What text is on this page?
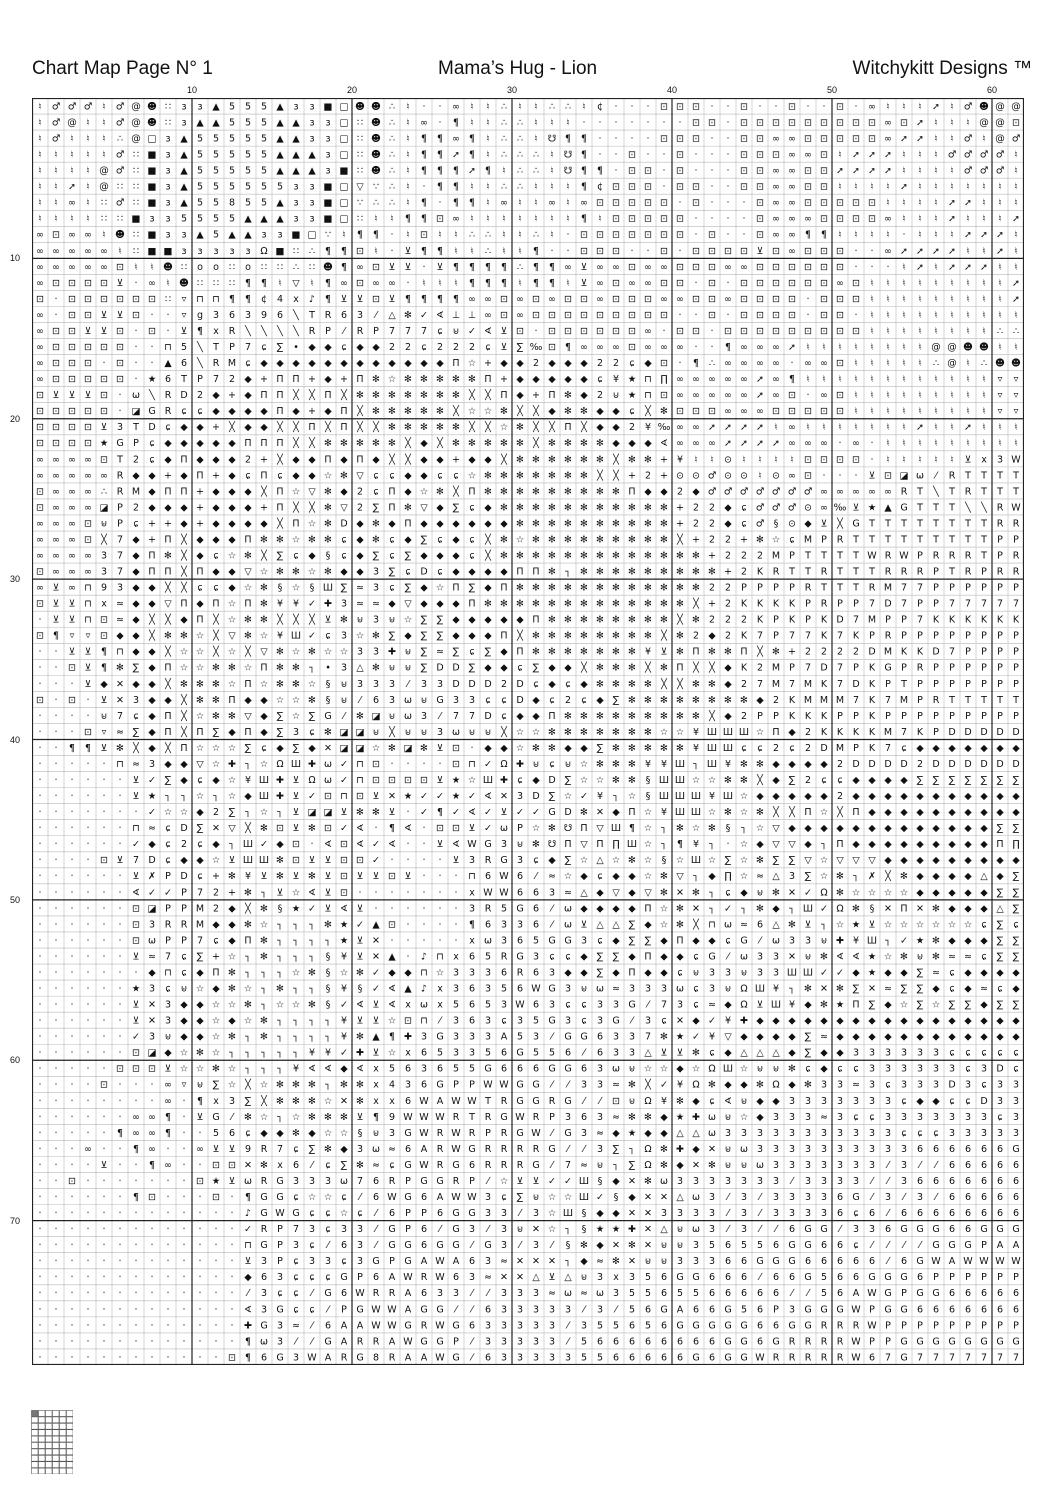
Chart Map Page N° 1	Mama’s Hug - Lion	Witchykitt Designs ™
10	20	30	40	50	60
10
20
30
40
50
60
70
♮ ♂ ♂ ♂ ♮ ♂ @ ☻ ∷ ɜ ɜ ▲ 5 5 5 ▲ ɜ ɜ ■ □ ☻ ☻ ∴ ♮ · · ∞ ♮ ♮ ∴ ♮ ♮ ∴ ∴ ♮ ¢ · · · ⊡ ⊡ ⊡ · · ⊡ · · ⊡ · · ⊡ · ∞ ♮ ♮ ♮ ➚ ♮ ♂ ☻ @ @
♮ ♂ @ ♮ ♮ ♂ @ ☻ ∷ ɜ ▲ ▲ 5 5 5 ▲ ▲ ɜ ɜ □ ∷ ☻ ∴ ♮ ∞ · ¶ ♮ ♮ ∴ ∴ ♮ ♮ ♮ · · · · · · · ⊡ ⊡ · ⊡ ⊡ ⊡ ⊡ ⊡ ⊡ ⊡ ⊡ ⊡ ∞ ⊡ ➚ ♮ ♮ ♮ @ @ ⊡
♮ ♂ ♮ ♮ ♮ ∴ @ □ ɜ ▲ 5 5 5 5 5 ▲ ▲ ɜ ɜ □ ∷ ☻ ∴ ♮ ¶ ¶ ∞ ¶ ♮ ∴ ∴ ♮ ☋ ¶ ¶ · · · · ⊡ ⊡ ⊡ · · ⊡ ⊡ ∞ ∞ ⊡ ⊡ ⊡ ⊡ ⊡ ∞ ➚ ➚ ♮ ♮ ♂ ♮ @ ♂
♮ ♮ ♮ ♮ ♮ ♂ ∷ ■ ɜ ▲ 5 5 5 5 5 ▲ ▲ ▲ ɜ □ ∷ ☻ ∴ ♮ ¶ ¶ ➚ ¶ ♮ ∴ ∴ ∴ ♮ ☋ ¶ · · ⊡ · · ⊡ · · · ⊡ ⊡ ⊡ ∞ ∞ ⊡ ♮ ➚ ➚ ➚ ♮ ♮ ♮ ♂ ♂ ♂ ♂ ♮
♮ ♮ ♮ ♮ @ ♂ ∷ ■ ɜ ▲ 5 5 5 5 5 ▲ ▲ ▲ ɜ ■ ∷ ☻ ∴ ♮ ¶ ¶ ¶ ➚ ¶ ♮ ∴ ∴ ♮ ☋ ¶ ¶ · ⊡ ⊡ · ⊡ · · · ⊡ ⊡ ∞ ∞ ⊡ ⊡ ➚ ➚ ➚ ➚ ♮ ♮ ♮ ♮ ♂ ♂ ♂ ♮
♮ ♮ ➚ ♮ @ ∷ ∷ ■ ɜ ▲ 5 5 5 5 5 5 ɜ ɜ ■ □ ▽ ∵ ∴ ♮ · ¶ ¶ ♮ ♮ ∴ ∴ ♮ ♮ ♮ ¶ ¢ ⊡ ⊡ ⊡ · ⊡ ⊡ · · ⊡ ⊡ ∞ ∞ ⊡ ⊡ ♮ ♮ ♮ ♮ ➚ ♮ ♮ ♮ ♮ ♮ ♮ ♮
♮ ♮ ∞ ♮ ∷ ♂ ∷ ■ ɜ ▲ 5 5 8 5 5 ▲ ɜ ɜ ■ □ ∵ ∴ ∴ ♮ ¶ · ¶ ¶ ♮ ∞ ♮ ♮ ∞ ♮ ∞ ⊡ ⊡ ⊡ ⊡ ⊡ · ⊡ · · · ⊡ ∞ ∞ ⊡ ⊡ ⊡ ⊡ ⊡ ♮ ♮ ♮ ♮ ➚ ➚ ♮ ♮ ♮
♮ ♮ ♮ ♮ ∷ ∷ ■ ɜ ɜ 5 5 5 5 ▲ ▲ ▲ ɜ ɜ ■ □ ∷ ♮ ♮ ¶ ¶ ⊡ ∞ ♮ ♮ ♮ ♮ ♮ ♮ ♮ ¶ ♮ ⊡ ⊡ ⊡ ⊡ ⊡ · · · · ⊡ ∞ ∞ ∞ ⊡ ⊡ ⊡ ⊡ ∞ ♮ ♮ ♮ ➚ ♮ ♮ ♮ ➚
∞ ⊡ ∞ ∞ ♮ ☻ ∷ ■ ɜ ɜ ▲ 5 ▲ ▲ ɜ ɜ ■ □ ∵ ♮ ¶ ¶ · ♮ ⊡ ♮ ♮ ∴ ∴ ♮ ♮ ∴ ♮ · ⊡ ⊡ ⊡ ⊡ ⊡ ⊡ ⊡ · ⊡ · · ⊡ ∞ ∞ ¶ ¶ ♮ ♮ ♮ ♮ · ♮ ♮ ♮ ➚ ➚ ➚ ♮
∞ ∞ ∞ ∞ ∞ ♮ ∷ ■ ■ ɜ ɜ ɜ ɜ ɜ Ω ■ ∷ ∴ ¶ ¶ ⊡ ♮ · ⊻ ¶ ¶ ♮ ♮ ∴ ♮ ♮ ¶ · · ⊡ ⊡ ⊡ · · ⊡ · ⊡ ⊡ ⊡ ⊡ ⊻ ⊡ ∞ ⊡ ⊡ ⊡ · · ∞ ➚ ➚ ➚ ➚ ♮ ♮ ➚ ♮
∞ ∞ ∞ ∞ ∞ ⊡ ♮ ♮ ☻ ∷ o o ∷ o ∷ ∷ ∴ ∷ ☻ ¶ ∞ ⊡ ⊻ ⊻ · ⊻ ¶ ¶ ¶ ¶ ∴ ¶ ¶ ∞ ⊻ ∞ ∞ ⊡ ∞ ∞ ⊡ ⊡ ⊡ ∞ ∞ ⊡ ⊡ ⊡ ⊡ ⊡ ⊡ · · · ♮ ➚ ♮ ➚ ➚ ➚ ♮ ♮
∞ ⊡ ⊡ ⊡ ⊡ ⊻ · ∞ ♮ ☻ ∷ ∷ ∷ ¶ ¶ ♮ ▽ ♮ ¶ ∞ ⊡ ∞ ∞ · ♮ ♮ ♮ ¶ ¶ ¶ ♮ ¶ ¶ ♮ ⊻ ∞ ⊡ ∞ ∞ ⊡ ⊡ · ⊡ · ⊡ ⊡ ⊡ ⊡ ⊡ ⊡ ∞ ⊡ ♮ ♮ ♮ ♮ ♮ ♮ ♮ ♮ ♮ ➚
⊡ · ⊡ ⊡ ⊡ ⊡ ⊡ ⊡ ∷ ▿ ⊓ ⊓ ¶ ¶ ¢ 4 x ♪ ¶ ⊻ ⊻ ⊡ ⊻ ¶ ¶ ¶ ¶ ∞ ∞ ⊡ ∞ ⊡ ∞ ⊡ ⊡ ∞ ⊡ ⊡ ⊡ ∞ ∞ ⊡ ⊡ ∞ ⊡ ⊡ ⊡ ⊡ · ⊡ ⊡ ⊡ ♮ ♮ ♮ ♮ ♮ ♮ ♮ ♮ ♮ ➚
∞ · ⊡ ⊡ ⊻ ⊻ ⊡ · · ▿ g 3 6 3 9 6 ╲ T R 6 3 ⁄ △ ✻ ✓ ∢ ⊥ ⊥ ∞ ⊡ ∞ ⊡ ⊡ ⊡ ⊡ ⊡ ⊡ ⊡ ⊡ ⊡ · · ⊡ · ⊡ ⊡ ⊡ ⊡ · ⊡ ⊡ · ♮ ♮ ♮ ♮ ♮ ♮ ♮ ♮ ♮ ♮
∞ ⊡ ⊡ ⊻ ⊻ ⊡ · ⊡ · ⊻ ¶ x R ╲ ╲ ╲ ╲ R P ⁄ R P 7 7 7 ɕ ⊎ ✓ ∢ ⊻ ⊡ · ⊡ ⊡ ⊡ ⊡ ⊡ ⊡ ∞ · ⊡ ⊡ · ⊡ ⊡ ⊡ ⊡ ⊡ ⊡ ⊡ ⊡ ⊡ ♮ ♮ ♮ ♮ ♮ ♮ ♮ ♮ ∴ ∴
∞ ⊡ ⊡ ⊡ ⊡ ⊡ · · ⊓ 5 ╲ T P 7 ɕ ∑ • ◆ ◆ ɕ ◆ ◆ 2 2 ɕ 2 2 2 ɕ ⊻ ∑ ‰ ⊡ ¶ ∞ ∞ ∞ ⊡ ∞ ∞ ∞ · · ¶ ∞ ∞ ∞ ➚ ♮ ♮ ♮ ♮ ♮ ♮ ♮ ♮ @ @ ☻ ☻ ♮ ♮
∞ ⊡ ⊡ ⊡ · ⊡ · · ▲ 6 ╲ R M ɕ ◆ ◆ ◆ ◆ ◆ ◆ ◆ ◆ ◆ ◆ ◆ ◆ Π ☆ + ◆ ◆ 2 ◆ ◆ ◆ 2 2 ɕ ◆ ⊡ · ¶ ∴ ∞ ∞ ∞ ∞ · ∞ ∞ ⊡ ♮ ♮ ♮ ♮ ♮ ∴ @ ♮ ∴ ☻ ☻
∞ ⊡ ⊡ ⊡ ⊡ ⊡ · ★ 6 T P 7 2 ◆ + Π Π + ◆ + Π ✻ ☆ ✻ ✻ ✻ ✻ ✻ Π + ◆ ◆ ◆ ◆ ◆ ɕ ¥ ★ ⊓ ∏ ∞ ∞ ∞ ∞ ∞ ➚ ∞ ¶ ♮ ♮ ♮ ♮ ♮ ♮ ♮ ♮ ♮ ♮ ♮ ♮ ▿ ▿
⊡ ⊻ ⊻ ⊻ ⊡ · ω ╲ R D 2 ◆ + ◆ Π Π ╳ ╳ Π ╳ ✻ ✻ ✻ ✻ ✻ ✻ ✻ ╳ ╳ Π ◆ + Π ✻ ◆ 2 ⊍ ★ ⊓ ⊡ ∞ ∞ ∞ ∞ ∞ ➚ ∞ ⊡ · ∞ ⊡ ♮ ♮ ♮ ♮ ♮ ♮ ♮ ♮ ♮ ▿ ▿
⊡ ⊡ ⊡ ⊡ ⊡ · ◪ G R ɕ ɕ ◆ ◆ ◆ ◆ Π ◆ + ◆ Π ╳ ✻ ✻ ✻ ✻ ✻ ╳ ☆ ☆ ✻ ╳ ╳ ◆ ✻ ✻ ◆ ◆ ɕ ╳ ✻ ⊡ ⊡ ⊡ ∞ ∞ ∞ ⊡ ⊡ ⊡ ⊡ ⊡ ♮ ♮ ♮ ♮ ♮ ♮ ♮ ♮ ♮ ▿ ▿
⊡ ⊡ ⊡ ⊡ ⊻ 3 T D ɕ ◆ ◆ + ╳ ◆ ◆ ╳ ╳ Π ╳ Π ╳ ╳ ✻ ✻ ✻ ✻ ✻ ╳ ╳ ☆ ✻ ╳ ╳ Π ╳ ◆ ◆ 2 ¥ ‰ ∞ ∞ ➚ ➚ ➚ ➚ ♮ ∞ ♮ ♮ ♮ ♮ ♮ ♮ ♮ ➚ ♮ ♮ ➚ ♮ ♮ ♮
⊡ ⊡ ⊡ ⊡ ★ G P ɕ ◆ ◆ ◆ ◆ ◆ Π Π Π ╳ ╳ ✻ ✻ ✻ ✻ ✻ ╳ ◆ ╳ ✻ ✻ ✻ ✻ ✻ ╳ ✻ ✻ ✻ ✻ ◆ ◆ ◆ ∢ ∞ ∞ ∞ ➚ ➚ ➚ ➚ ∞ ∞ ∞ · ∞ · ♮ ♮ ♮ ♮ ♮ ♮ ♮ ♮ ♮
∞ ∞ ∞ ∞ ⊡ T 2 ɕ ◆ Π ◆ ◆ ◆ 2 + ╳ ◆ ◆ Π ◆ Π ◆ ╳ ╳ ◆ ◆ + ◆ ◆ ╳ ✻ ✻ ✻ ✻ ✻ ✻ ╳ ✻ ✻ + ¥ ♮ ♮ ⊙ ♮ ♮ ♮ ♮ ⊡ ⊡ ⊡ ⊡ · ♮ ♮ ♮ ♮ ♮ ⊻ x 3 W
∞ ∞ ∞ ∞ ∞ R ◆ ◆ + ◆ Π + ◆ ɕ Π ɕ ◆ ◆ ☆ ✻ ▽ ɕ ɕ ◆ ◆ ɕ ɕ ☆ ✻ ✻ ✻ ✻ ✻ ✻ ✻ ╳ ╳ + 2 + ⊙ ⊙ ♂ ⊙ ⊙ ♮ ⊙ ∞ ⊡ · · · ⊻ ⊡ ◪ ω ⁄ R T T T T
⊡ ∞ ∞ ∞ ∴ R M ◆ Π Π + ◆ ◆ ◆ ╳ Π ☆ ▽ ✻ ◆ 2 ɕ Π ◆ ☆ ✻ ╳ Π ✻ ✻ ✻ ✻ ✻ ✻ ✻ ✻ ✻ Π ◆ ◆ 2 ◆ ♂ ♂ ♂ ♂ ♂ ♂ ♂ ∞ ∞ ∞ ∞ ∞ R T ╲ T R T T T
⊡ ∞ ∞ ∞ ◪ P 2 ◆ ◆ ◆ + ◆ ◆ ◆ + Π ╳ ╳ ✻ ▽ 2 ∑ Π ✻ ▽ ◆ ∑ ɕ ◆ ✻ ✻ ✻ ✻ ✻ ✻ ✻ ✻ ✻ ✻ ✻ + 2 2 ◆ ɕ ♂ ♂ ♂ ⊙ ∞ ‰ ⊻ ★ ▲ G T T T ╲ ╲ R W
∞ ∞ ∞ ⊡ ⊎ P ɕ + + ◆ + ◆ ◆ ◆ ◆ ╳ Π ☆ ✻ D ◆ ✻ ◆ Π ◆ ◆ ◆ ◆ ◆ ◆ ✻ ✻ ✻ ✻ ✻ ✻ ✻ ✻ ✻ ✻ + 2 2 ◆ ɕ ♂ § ⊙ ◆ ⊻ ╳ G T T T T T T T T R R
∞ ∞ ∞ ⊡ ╳ 7 ◆ + Π ╳ ◆ ◆ ◆ Π ✻ ✻ ☆ ✻ ✻ ɕ ◆ ✻ ɕ ◆ ∑ ɕ ◆ ɕ ╳ ✻ ☆ ✻ ✻ ✻ ✻ ✻ ✻ ✻ ✻ ✻ ╳ + 2 2 + ✻ ☆ ɕ M P R T T T T T T T T T P P
∞ ∞ ∞ ∞ 3 7 ◆ Π ✻ ╳ ◆ ɕ ☆ ✻ ╳ ∑ ɕ ◆ § ɕ ◆ ∑ ɕ ∑ ◆ ◆ ◆ ɕ ╳ ✻ ✻ ✻ ✻ ✻ ✻ ✻ ✻ ✻ ✻ ✻ ✻ ✻ + 2 2 2 M P T T T T W R W P R R R T P R
⊡ ∞ ∞ ∞ 3 7 ◆ Π Π ╳ Π ◆ ◆ ▽ ☆ ✻ ✻ ☆ ✻ ◆ ◆ 3 ∑ ɕ D ɕ ◆ ◆ ◆ ◆ Π Π ✻ ┐ ✻ ✻ ✻ ✻ ✻ ✻ ✻ ✻ ✻ + 2 K R T T R T T T R R R P T R P R R
∞ ⊻ ∞ ⊓ 9 3 ◆ ◆ ╳ ╳ ɕ ɕ ◆ ☆ ✻ § ☆ § Ш ∑ ≈ 3 ɕ ∑ ◆ ☆ Π ∑ ◆ Π ✻ ✻ ✻ ✻ ✻ ✻ ✻ ✻ ✻ ✻ ✻ ✻ 2 2 P P P P R T T T R M 7 7 P P P P P P
⊡ ⊻ ⊻ ⊓ x ≈ ◆ ◆ ▽ Π ◆ Π ☆ Π ✻ ¥ ¥ ✓ ✚ 3 ≈ ≈ ◆ ▽ ◆ ◆ ◆ Π ✻ ✻ ✻ ✻ ✻ ✻ ✻ ✻ ✻ ✻ ✻ ✻ ✻ ╳ + 2 K K K K P R P P 7 D 7 P P 7 7 7 7 7
· ⊻ ⊻ ⊓ ⊡ ≈ ◆ ╳ ╳ ◆ Π ╳ ☆ ✻ ✻ ╳ ╳ ╳ ⊻ ✻ ⊎ 3 ⊎ ☆ ∑ ∑ ◆ ◆ ◆ ◆ ◆ Π ✻ ✻ ✻ ✻ ✻ ✻ ✻ ✻ ╳ ✻ 2 2 2 K P K P K D 7 M P P 7 K K K K K K
⊡ ¶ ▿ ▿ ⊡ ◆ ◆ ╳ ✻ ✻ ☆ ╳ ▽ ✻ ☆ ¥ Ш ✓ ɕ 3 ☆ ✻ ∑ ◆ ∑ ∑ ◆ ◆ ◆ Π ╳ ✻ ✻ ✻ ✻ ✻ ✻ ✻ ✻ ╳ ✻ 2 ◆ 2 K 7 P 7 7 K 7 K P R P P P P P P P P
· · ⊻ ⊻ ¶ ⊓ ◆ ◆ ╳ ☆ ☆ ╳ ☆ ╳ ▽ ✻ ☆ ✻ ☆ ☆ 3 3 ✚ ⊎ ∑ ≈ ∑ ɕ ∑ ◆ Π ✻ ✻ ✻ ✻ ✻ ✻ ✻ ¥ ⊻ ✻ Π ✻ ✻ Π ╳ ✻ + 2 2 2 2 D M K K D 7 P P P P
· · ⊡ ⊻ ¶ ✻ ∑ ◆ Π ☆ ☆ ✻ ✻ ☆ Π ✻ ✻ ┐ • 3 △ ✻ ⊎ ⊎ ∑ D D ∑ ◆ ◆ ɕ ∑ ◆ ◆ ╳ ✻ ✻ ✻ ╳ ✻ Π ╳ ╳ ◆ K 2 M P 7 D 7 P K G P R P P P P P P
· · · ⊻ ◆ ✕ ◆ ◆ ╳ ✻ ✻ ✻ ☆ Π ☆ ✻ ✻ ☆ § ⊎ 3 3 3 ⁄ 3 3 D D D 2 D ɕ ◆ ɕ ◆ ✻ ✻ ✻ ✻ ╳ ╳ ✻ ✻ ◆ 2 7 M 7 M K 7 D K P T P P P P P P P
⊡ · ⊡ · ⊻ ✕ 3 ◆ ◆ ╳ ✻ ✻ Π ◆ ◆ ☆ ☆ ✻ § ⊎ ⁄ 6 3 ω ⊎ G 3 3 ɕ ɕ D ◆ ɕ 2 ɕ ◆ ∑ ✻ ✻ ✻ ✻ ✻ ✻ ✻ ✻ ◆ 2 K M M M 7 K 7 M P R T T T T T
· · · · ⊎ 7 ɕ ◆ Π ╳ ☆ ✻ ✻ ▽ ◆ ∑ ☆ ∑ G ⁄ ✻ ◪ ⊎ ω 3 ⁄ 7 7 D ɕ ◆ ◆ Π ✻ ✻ ✻ ✻ ✻ ✻ ✻ ✻ ✻ ╳ ◆ 2 P P K K K P P K P P P P P P P P P
· · · ⊡ ▿ ≈ ∑ ◆ Π ╳ Π ∑ ◆ Π ◆ ∑ 3 ɕ ✻ ◪ ◪ ⊎ ╳ ⊎ ⊎ 3 ω ⊎ ⊎ ╳ ☆ ☆ ✻ ✻ ✻ ✻ ✻ ✻ ✻ ☆ ☆ ¥ Ш Ш Ш ☆ Π ◆ 2 K K K K M 7 K P D D D D D
· · ¶ ¶ ⊻ ✻ ╳ ◆ ╳ Π ☆ ☆ ☆ ∑ ɕ ◆ ∑ ◆ ✕ ◪ ◪ ☆ ✻ ◪ ✻ ⊻ ⊡ · ◆ ◆ ☆ ✻ ✻ ◆ ◆ ∑ ✻ ✻ ✻ ✻ ✻ ¥ Ш Ш ɕ ɕ 2 ɕ 2 D M P K 7 ɕ ◆ ◆ ◆ ◆ ◆ ◆ ◆
· · · · · ⊓ ≈ 3 ◆ ◆ ▽ ☆ ✚ ┐ ☆ Ω Ш ✚ ω ✓ ⊓ ⊡ · · · · ⊡ ⊓ ✓ Ω ✚ ⊎ ɕ ⊎ ☆ ✻ ✻ ✻ ¥ ¥ Ш ┐ Ш ¥ ✻ ✻ ◆ ◆ ◆ ◆ 2 D D D D 2 D D D D D D
· · · · · · ⊻ ✓ ∑ ◆ ɕ ◆ ☆ ¥ Ш ✚ ⊻ Ω ω ✓ ⊓ ⊡ ⊡ ⊡ ⊡ ⊻ ★ ☆ Ш ✚ ɕ ◆ D ∑ ☆ ☆ ✻ ✻ § Ш Ш ☆ ☆ ✻ ✻ ╳ ◆ ∑ 2 ɕ ɕ ◆ ◆ ◆ ◆ ∑ ∑ ∑ ∑ ∑ ∑ ∑
· · · · · · ⊻ ★ ┐ ┐ ☆ ┐ ☆ ◆ Ш ✚ ⊻ ✓ ⊡ ⊓ ⊡ ⊻ ✕ ★ ✓ ✓ ★ ✓ ∢ ✕ 3 D ∑ ☆ ✓ ¥ ┐ ☆ § Ш Ш Ш ¥ Ш ☆ ◆ ◆ ◆ ◆ ◆ 2 ◆ ◆ ◆ ◆ ◆ ◆ ◆ ◆ ◆ ◆ ◆
· · · · · · · ✓ ☆ ☆ ◆ 2 ∑ ┐ ☆ ┐ ⊻ ◪ ◪ ⊻ ✻ ✻ ⊻ · ✓ ¶ ✓ ∢ ✓ ⊻ ✓ ✓ G D ✻ ✕ ◆ Π ☆ ¥ Ш Ш ☆ ✻ ☆ ✻ ╳ ╳ Π ☆ ╳ Π ◆ ◆ ◆ ◆ ◆ ◆ ◆ ◆ ◆ ◆
· · · · · · ⊓ ≈ ɕ D ∑ ✕ ▽ ╳ ✻ ⊡ ⊻ ✻ ⊡ ✓ ∢ · ¶ ∢ · ⊡ ⊡ ⊻ ✓ ω P ☆ ✻ ☋ Π ▽ Ш ¶ ☆ ┐ ✻ ☆ ✻ § ┐ ☆ ▽ ◆ ◆ ◆ ◆ ◆ ◆ ◆ ◆ ◆ ◆ ◆ ◆ ◆ ∑ ∑
· · · · · · ✓ ◆ ɕ 2 ɕ ◆ ┐ Ш ✓ ◆ ⊡ · ∢ ⊡ ∢ ✓ ∢ · · ⊻ ∢ W G 3 ⊎ ✻ ☋ Π ▽ Π ∏ Ш ☆ ┐ ¶ ¥ ┐ · ☆ ◆ ▽ ▽ ◆ ┐ Π ◆ ◆ ◆ ◆ ◆ ◆ ◆ ◆ ◆ Π ∏
· · · · ⊡ ⊻ 7 D ɕ ◆ ◆ ☆ ⊻ Ш Ш ✻ ⊡ ⊻ ⊻ ⊡ ⊡ ✓ · · · · ⊻ 3 R G 3 ɕ ◆ ∑ ☆ △ ☆ ✻ ☆ § ☆ Ш ☆ ∑ ☆ ✻ ∑ ∑ ▽ ☆ ▽ ▽ ▽ ◆ ◆ ◆ ◆ ◆ ◆ ◆ ◆ ◆
· · · · · · ⊻ ✗ P D ɕ + ✻ ¥ ⊻ ✻ ⊻ ✻ ⊻ ⊡ ⊻ ⊻ ⊡ ⊻ · · · ⊓ 6 W 6 ⁄ ≈ ☆ ◆ ɕ ◆ ◆ ☆ ✻ ▽ ┐ ◆ ∏ ☆ ≈ △ 3 ∑ ☆ ✻ ┐ ✗ ╳ ✻ ◆ ◆ ◆ ◆ △ ◆ ∑
· · · · · · ∢ ✓ ✓ P 7 2 + ✻ ┐ ⊻ ☆ ∢ ⊻ ⊡ · · · · · · · x W W 6 6 3 ≈ △ ◆ ▽ ◆ ▽ ✻ ✕ ✻ ┐ ɕ ◆ ⊎ ✻ ✕ ✓ Ω ✻ ☆ ☆ ☆ ☆ ◆ ◆ ◆ ◆ ◆ ∑ ∑
· · · · · · ⊡ ◪ P P M 2 ◆ ╳ ✻ § ★ ✓ ⊻ ∢ ⊻ · · · · · · 3 R 5 G 6 ⁄ ω ◆ ◆ ◆ ◆ Π ☆ ✻ ✕ ┐ ✓ ┐ ✻ ◆ ┐ Ш ✓ Ω ✻ § ✕ Π ✕ ✻ ◆ ◆ ◆ △ ∑
· · · · · · ⊡ 3 R R M ◆ ◆ ✻ ☆ ┐ ┐ ┐ ✻ ★ ✓ ▲ ⊡ · · · · ¶ 6 3 3 6 ⁄ ω ⊻ △ △ ∑ ◆ ☆ ✻ ╳ ⊓ ω ≈ 6 △ ✻ ⊻ ┐ ☆ ★ ⊻ ☆ ☆ ☆ ☆ ☆ ☆ ɕ ∑ ɕ
· · · · · · ⊡ ω P P 7 ɕ ◆ Π ✻ ┐ ┐ ┐ ┐ ★ ⊻ ✕ · · · · · x ω 3 6 5 G G 3 ɕ ◆ ∑ ∑ ◆ Π ◆ ◆ ɕ G ⁄ ω 3 3 ⊎ ✚ ¥ Ш ┐ ✓ ★ ✻ ◆ ◆ ◆ ∑ ∑
· · · · · · ⊻ ≈ 7 ɕ ∑ + ☆ ┐ ✻ ┐ ┐ ┐ § ¥ ⊻ ✕ ▲ · ♪ ⊓ x 6 5 R G 3 ɕ ɕ ◆ ∑ ∑ ◆ Π ◆ ◆ ɕ G ⁄ ω 3 3 ✕ ⊎ ✻ ∢ ∢ ★ ☆ ✻ ⊎ ✻ ≈ ≈ ɕ ∑ ∑
· · · · · · · ◆ ⊓ ɕ ◆ Π ✻ ┐ ┐ ┐ ☆ ✻ § ☆ ✻ ✓ ◆ ◆ ⊓ ☆ 3 3 3 6 R 6 3 ◆ ◆ ∑ ◆ Π ◆ ◆ ɕ ⊎ 3 3 ⊎ 3 3 Ш Ш ✓ ✓ ◆ ★ ◆ ◆ ∑ ≈ ɕ ◆ ◆ ◆ ◆
· · · · · · ★ 3 ɕ ⊎ ☆ ◆ ✻ ☆ ┐ ✻ ┐ ┐ § ¥ § ✓ ∢ ▲ ♪ x 3 6 3 5 6 W G 3 ⊎ ω ≈ 3 3 3 ω ɕ 3 ⊎ Ω Ш ¥ ┐ ✻ ✕ ✻ ∑ ✕ ≈ ∑ ∑ ◆ ɕ ◆ ≈ ɕ ◆
· · · · · · ⊻ ✕ 3 ◆ ◆ ☆ ☆ ✻ ┐ ☆ ☆ ✻ § ✓ ∢ ⊻ ∢ x ω x 5 6 5 3 W 6 3 ɕ ɕ 3 3 G ⁄ 7 3 ɕ ≈ ◆ Ω ⊻ Ш ¥ ◆ ✻ ★ Π ∑ ◆ ☆ ∑ ☆ ∑ ∑ ◆ ∑ ∑
· · · · · · ⊻ ✕ 3 ◆ ◆ ☆ ◆ ☆ ✻ ┐ ┐ ┐ ┐ ¥ ⊻ ⊻ ☆ ⊡ ⊓ ⁄ 3 6 3 ɕ 3 5 G 3 ɕ 3 G ⁄ 3 ɕ ✕ ◆ ✓ ¥ ✚ ◆ ◆ ◆ ◆ ◆ ◆ ◆ ◆ ◆ ◆ ◆ ◆ ◆ ◆ ◆ ◆ ◆
· · · · · · ✓ 3 ⊎ ◆ ◆ ☆ ✻ ┐ ✻ ┐ ┐ ┐ ┐ ¥ ✻ ▲ ¶ ✚ 3 G 3 3 3 A 5 3 ⁄ G G 6 3 3 7 ✻ ★ ✓ ¥ ▽ ◆ ◆ ◆ ◆ ∑ ≈ ◆ ◆ ◆ ◆ ◆ ◆ ◆ ◆ ◆ ◆ ◆ ◆
· · · · · · ⊡ ◪ ◆ ☆ ✻ ☆ ┐ ┐ ┐ ┐ ┐ ¥ ¥ ✓ ✚ ⊻ ☆ x 6 5 3 3 5 6 G 5 5 6 ⁄ 6 3 3 △ ⊻ ⊻ ✻ ɕ ◆ △ △ △ ◆ ∑ ◆ ◆ 3 3 3 3 3 3 ɕ ɕ ɕ ɕ ɕ
· · · · · ⊡ ⊡ ⊡ ⊻ ☆ ☆ ✻ ☆ ┐ ┐ ┐ ¥ ∢ ∢ ◆ ∢ x 5 6 3 6 5 5 G 6 6 6 G G 6 3 ω ⊎ ☆ ☆ ◆ ☆ Ω Ш ☆ ⊎ ⊎ ✻ ɕ ◆ ɕ ɕ 3 3 3 3 3 3 ɕ 3 D ɕ
· · · · ⊡ · · · ∞ ▿ ⊎ ∑ ☆ ╳ ☆ ✻ ✻ ✻ ┐ ✻ ✻ x 4 3 6 G P P W W G G ⁄ ⁄ 3 3 ≈ ✻ ╳ ✓ ¥ Ω ✻ ◆ ◆ ✻ Ω ◆ ✻ 3 3 ≈ 3 ɕ 3 3 3 D 3 ɕ 3 3
· · · · · · · · ∞ · ¶ x 3 ∑ ╳ ✻ ✻ ✻ ☆ ✕ ✻ x x 6 W A W W T R G G R G ⁄ ⁄ ⊡ ⊎ Ω ¥ ✻ ◆ ɕ ∢ ⊎ ◆ ◆ 3 3 3 3 3 3 3 ɕ ◆ ◆ ɕ ɕ D 3 3
· · · · · · ∞ ∞ ¶ · ⊻ G ⁄ ✻ ☆ ┐ ☆ ✻ ✻ ✻ ⊻ ¶ 9 W W W R T R G W R P 3 6 3 ≈ ✻ ✻ ◆ ★ ✚ ω ⊎ ☆ ◆ 3 3 3 ≈ 3 ɕ ɕ 3 3 3 3 3 3 3 ɕ 3
· · · · · ¶ ∞ ∞ ¶ · · 5 6 ɕ ◆ ◆ ✻ ◆ ☆ ☆ § ⊎ 3 G W R W R P R G W ⁄ G 3 ≈ ◆ ★ ◆ ◆ △ △ ω 3 3 3 3 3 3 3 3 3 3 3 ɕ ɕ ɕ 3 3 3 3 3
· · · ∞ · · ¶ ∞ · · ∞ ⊻ ⊻ 9 R 7 ɕ ∑ ✻ ◆ 3 ω ≈ 6 A R W G R R R R G ⁄ ⁄ 3 ∑ ┐ Ω ✻ ✚ ◆ ✕ ⊎ ω 3 3 3 3 3 3 3 3 3 3 6 6 6 6 6 6 G
· · · · ⊻ · · ¶ ∞ · · ⊡ ⊡ ✕ ✻ x 6 ⁄ ɕ ∑ ✻ ≈ ɕ G W R G 6 R R R G ⁄ 7 ≈ ⊎ ┐ ∑ Ω ✻ ◆ ✕ ✻ ⊎ ⊎ ω 3 3 3 3 3 3 3 ⁄ 3 ⁄ ⁄ 6 6 6 6 6
· · ⊡ · · · · · · · ⊡ ★ ⊻ ω R G 3 3 3 ω 7 6 R P G G R P ⁄ ☆ ⊻ ⊻ ✓ ✓ Ш § ◆ ✕ ✻ ω 3 3 3 3 3 3 3 ⁄ 3 3 3 3 ⁄ ⁄ 3 6 6 6 6 6 6 6
· · · · · · ¶ ⊡ · · · ⊡ · ¶ G G ɕ ☆ ☆ ɕ ⁄ 6 W G 6 A W W 3 ɕ ∑ ⊎ ☆ ☆ Ш ✓ § ◆ ✕ ✕ △ ω 3 ⁄ 3 ⁄ 3 3 3 3 6 G ⁄ 3 ⁄ 3 ⁄ 6 6 6 6 6
· · · · · · · · · · · · · ♪ G W G ɕ ɕ ☆ ɕ ⁄ 6 P P 6 G G 3 3 ⁄ 3 ☆ Ш § ◆ ◆ ✕ ✕ 3 3 3 3 ⁄ 3 ⁄ 3 3 3 3 6 ɕ 6 ⁄ 6 6 6 6 6 6 6 6
· · · · · · · · · · · · · ✓ R P 7 3 ɕ 3 3 ⁄ G P 6 ⁄ G 3 ⁄ 3 ⊎ ✕ ☆ ┐ § ★ ★ ✚ ✕ △ ⊎ ω 3 ⁄ 3 ⁄ ⁄ 6 G G ⁄ 3 3 6 G G G 6 6 G G G
· · · · · · · · · · · · · ⊓ G P 3 ɕ ⁄ 6 3 ⁄ G G 6 G G ⁄ G 3 ⁄ 3 ⁄ § ✻ ◆ ✕ ✻ ✕ ⊎ ⊎ 3 5 6 5 5 6 G G 6 6 ɕ ⁄ ⁄ ⁄ ⁄ G G G P A A
· · · · · · · · · · · · · ⊻ 3 P ɕ 3 3 ɕ 3 G P G A W A 6 3 ≈ ✕ ✕ ✕ ┐ ◆ ≈ ✻ ✕ ⊎ ⊎ 3 3 3 6 6 G G G 6 6 6 6 6 ⁄ 6 G W A W W W W
· · · · · · · · · · · · · ◆ 6 3 ɕ ɕ ɕ G P 6 A W R W 6 3 ≈ ✕ ✕ △ ⊻ △ ⊎ 3 x 3 5 6 G G 6 6 6 ⁄ 6 6 G 5 6 6 G G G 6 P P P P P P
· · · · · · · · · · · · · ⁄ 3 ɕ ɕ ⁄ G 6 W R R A 6 3 3 ⁄ ⁄ 3 3 3 ≈ ω ≈ ω 3 5 5 6 5 5 6 6 6 6 6 ⁄ ⁄ 5 6 A W G P G G 6 6 6 6 6
· · · · · · · · · · · · · ∢ 3 G ɕ ɕ ⁄ P G W W A G G ⁄ ⁄ 6 3 3 3 3 3 ⁄ 3 ⁄ 5 6 G A 6 6 G 5 6 P 3 G G G W P G G 6 6 6 6 6 6 6
· · · · · · · · · · · · · ✚ G 3 ≈ ⁄ 6 A A W W G R W G 6 3 3 3 3 3 ⁄ 3 5 5 6 5 6 G G G G G 6 6 G G R R R W P P P P P P P P P
· · · · · · · · · · · · · ¶ ω 3 ⁄ ⁄ G A R R A W G G P ⁄ 3 3 3 3 3 ⁄ 5 6 6 6 6 6 6 6 6 G G 6 G R R R R W P P G G G G G G G G
· · · · · · · · · · · · ⊡ ¶ 6 G 3 W A R G 8 R A A W G ⁄ 6 3 3 3 3 3 5 5 6 6 6 6 6 G 6 G G W R R R R R W 6 7 G 7 7 7 7 7 7 7
